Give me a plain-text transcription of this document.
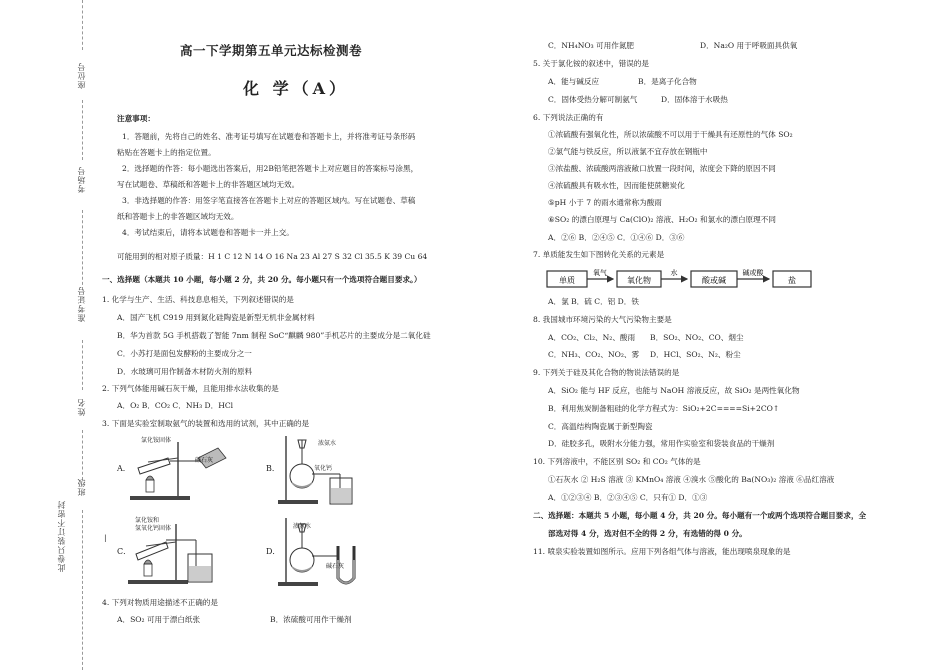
座位号
考场号
准考证号
姓名
班级
此卷只装订不密封
高一下学期第五单元达标检测卷
化 学（A）
注意事项：
1．答题前，先将自己的姓名、准考证号填写在试题卷和答题卡上，并将准考证号条形码
粘贴在答题卡上的指定位置。
2．选择题的作答：每小题选出答案后，用2B铅笔把答题卡上对应题目的答案标号涂黑，
写在试题卷、草稿纸和答题卡上的非答题区域均无效。
3．非选择题的作答：用签字笔直接答在答题卡上对应的答题区域内。写在试题卷、草稿
纸和答题卡上的非答题区域均无效。
4．考试结束后，请将本试题卷和答题卡一并上交。
可能用到的相对原子质量：H 1 C 12 N 14 O 16 Na 23 Al 27 S 32 Cl 35.5 K 39 Cu 64
一、选择题（本题共 10 小题，每小题 2 分，共 20 分。每小题只有一个选项符合题目要求。）
1. 化学与生产、生活、科技息息相关，下列叙述错误的是
A．国产飞机 C919 用到氮化硅陶瓷是新型无机非金属材料
B．华为首款 5G 手机搭载了智能 7nm 制程 SoC“麒麟 980”手机芯片的主要成分是二氧化硅
C．小苏打是面包发酵粉的主要成分之一
D．水玻璃可用作制备木材防火剂的原料
2. 下列气体能用碱石灰干燥，且能用排水法收集的是
A．O₂ B．CO₂ C．NH₃ D．HCl
3. 下面是实验室制取氨气的装置和选用的试剂，其中正确的是
A．
氯化铵固体
碱石灰
B．
浓氨水
氧化钙
|
C．
氯化铵和
氢氧化钙固体
D．
浓氨水
碱石灰
4. 下列对物质用途描述不正确的是
A．SO₂ 可用于漂白纸张	B．浓硫酸可用作干燥剂
C．NH₄NO₃ 可用作氮肥	D．Na₂O 用于呼吸面具供氧
5. 关于氯化铵的叙述中，错误的是
A．能与碱反应	B．是离子化合物
C．固体受热分解可制氨气	D．固体溶于水吸热
6. 下列说法正确的有
①浓硫酸有强氧化性，所以浓硫酸不可以用于干燥具有还原性的气体 SO₂
②氯气能与铁反应，所以液氯不宜存放在钢瓶中
③浓盐酸、浓硫酸两溶液敞口放置一段时间，浓度会下降的原因不同
④浓硫酸具有吸水性，因而能使蔗糖炭化
⑤pH 小于 7 的雨水通常称为酸雨
⑥SO₂ 的漂白原理与 Ca(ClO)₂ 溶液、H₂O₂ 和氯水的漂白原理不同
A．②⑥ B．②④⑤ C．①④⑥ D．③⑥
7. 单质能发生如下图转化关系的元素是
单质
氧气
氧化物
水
酸或碱
碱或酸
盐
A．氯 B．硫 C．铝 D．铁
8. 我国城市环境污染的大气污染物主要是
A．CO₂、Cl₂、N₂、酸雨 B．SO₂、NO₂、CO、烟尘
C．NH₃、CO₂、NO₂、雾 D．HCl、SO₂、N₂、粉尘
9. 下列关于硅及其化合物的物说法错误的是
A．SiO₂ 能与 HF 反应，也能与 NaOH 溶液反应，故 SiO₂ 是两性氧化物
B．利用焦炭制备粗硅的化学方程式为：SiO₂+2C====Si+2CO↑
C．高温结构陶瓷属于新型陶瓷
D．硅胶多孔，吸附水分能力强，常用作实验室和袋装食品的干燥剂
10. 下列溶液中，不能区别 SO₂ 和 CO₂ 气体的是
①石灰水 ② H₂S 溶液 ③ KMnO₄ 溶液 ④溴水 ⑤酸化的 Ba(NO₃)₂ 溶液 ⑥品红溶液
A．①②③④ B．②③④⑤ C．只有① D．①③
二、选择题：本题共 5 小题，每小题 4 分，共 20 分。每小题有一个或两个选项符合题目要求，全
部选对得 4 分，选对但不全的得 2 分，有选错的得 0 分。
11. 喷泉实验装置如图所示。应用下列各组气体与溶液，能出现喷泉现象的是
